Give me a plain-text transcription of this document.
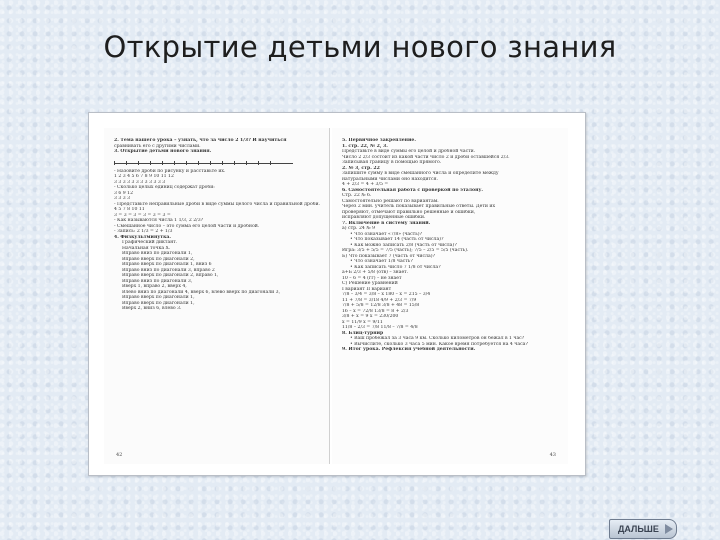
Открытие детьми нового знания
2. Тема нашего урока – узнать, что за число 2 1/3? И научиться
сравнивать его с другими числами.
3. Открытие детьми нового знания.
- Назовите дроби по рисунку и расставьте их.
1 2 3 4 5 6 7 8 9 10 11 12
3 3 3 3 3 3 3 3 3 3 3 3
- Сколько целых единиц содержат дроби:
3 6 9 12
3 3 3 3
- Представьте неправильные дроби в виде суммы целого числа и правильной дроби.
4 5 7 8 10 11
3 = 3 = 3 = 3 = 3 = 3 =
- Как называются числа 1 1/3, 2 2/3?
- Смешанное число – это сумма его целой части и дробной.
- Запись: 2 1/3 = 2 + 1/3
4. Физкультминутка.
Графический диктант.
Начальная точка Х.
Вправо вниз по диагонали 1,
Вправо вверх по диагонали 2,
Вправо вверх по диагонали 1, вниз 6
Вправо вниз по диагонали 3, вправо 2
Вправо вверх по диагонали 2, вправо 1,
Вправо вниз по диагонали 3,
Вверх 1, вправо 2, вверх 4,
Влево вниз по диагонали 4, вверх 6, влево вверх по диагонали 3,
Вправо вверх по диагонали 1,
Вправо вверх по диагонали 1,
Вверх 2, вниз 6, влево 3.
42
5. Первичное закрепление.
1. стр. 22, № 2, 3.
Представьте в виде суммы его целой и дробной части.
Число 2 2/3 состоит из какой части число 2 и дроби оставшейся 2/3.
Записывая границу в помощью прямого.
2. № 3, стр. 22
Запишите сумму в виде смешанного числа и определите между
натуральными числами оно находится.
4 + 2/3 = 4 + 3/5 =
6. Самостоятельная работа с проверкой по эталону.
Стр. 22 № 6.
Самостоятельно решают по вариантам.
Через 2 мин. учитель показывает правильные ответы. Дети их
проверяют, отмечают правильно решённые и ошибки,
исправляют допущенные ошибки.
7. Включение в систему знаний.
а) стр. 24 № 9
• Что означает «7/8» (часть)?
• Что показывает 14 (часть от числа)?
• Как можно записать 2/8 (часть от числа)?
Игра: 3/5 + 5/5 = 7/5 (часть); 7/5 – 2/5 = 5/5 (часть).
Б) Что показывает 7 (часть от числа)?
• Что означает 1/8 часть?
• Как записать число 7 1/8 от числа?
а+Б 2/3 + 5/8 (отв) – знает.
10 – 6 = 4 (гг) – не знает
С) Решение уравнений
I вариант II вариант
7/8 – 3/4 = 3/8 – х 180 – х = 215 – 3/4
11 + 7/8 = 3/18 4/9 + 2/3 = 7/9
7/8 + 5/8 = 12/8 3/8 + 48 = 15/8
16 – х = 72/8 13/8 = 8 + 2/3
3/8 + х = 9 х = 230/200
х = 11/9 х = 9/11
11/8 – 2/3 = 7/8 11/8 – 7/8 = 4/8
8. Блиц-турнир
• Ваш пробежал за 3 часа 9 км. Сколько километров он бежал в 1 час?
• Вычислите, сколько 3 часа 5 мин. Какое время потребуется на 4 часа?
9. Итог урока. Рефлексия учебной деятельности.
43
ДАЛЬШЕ
